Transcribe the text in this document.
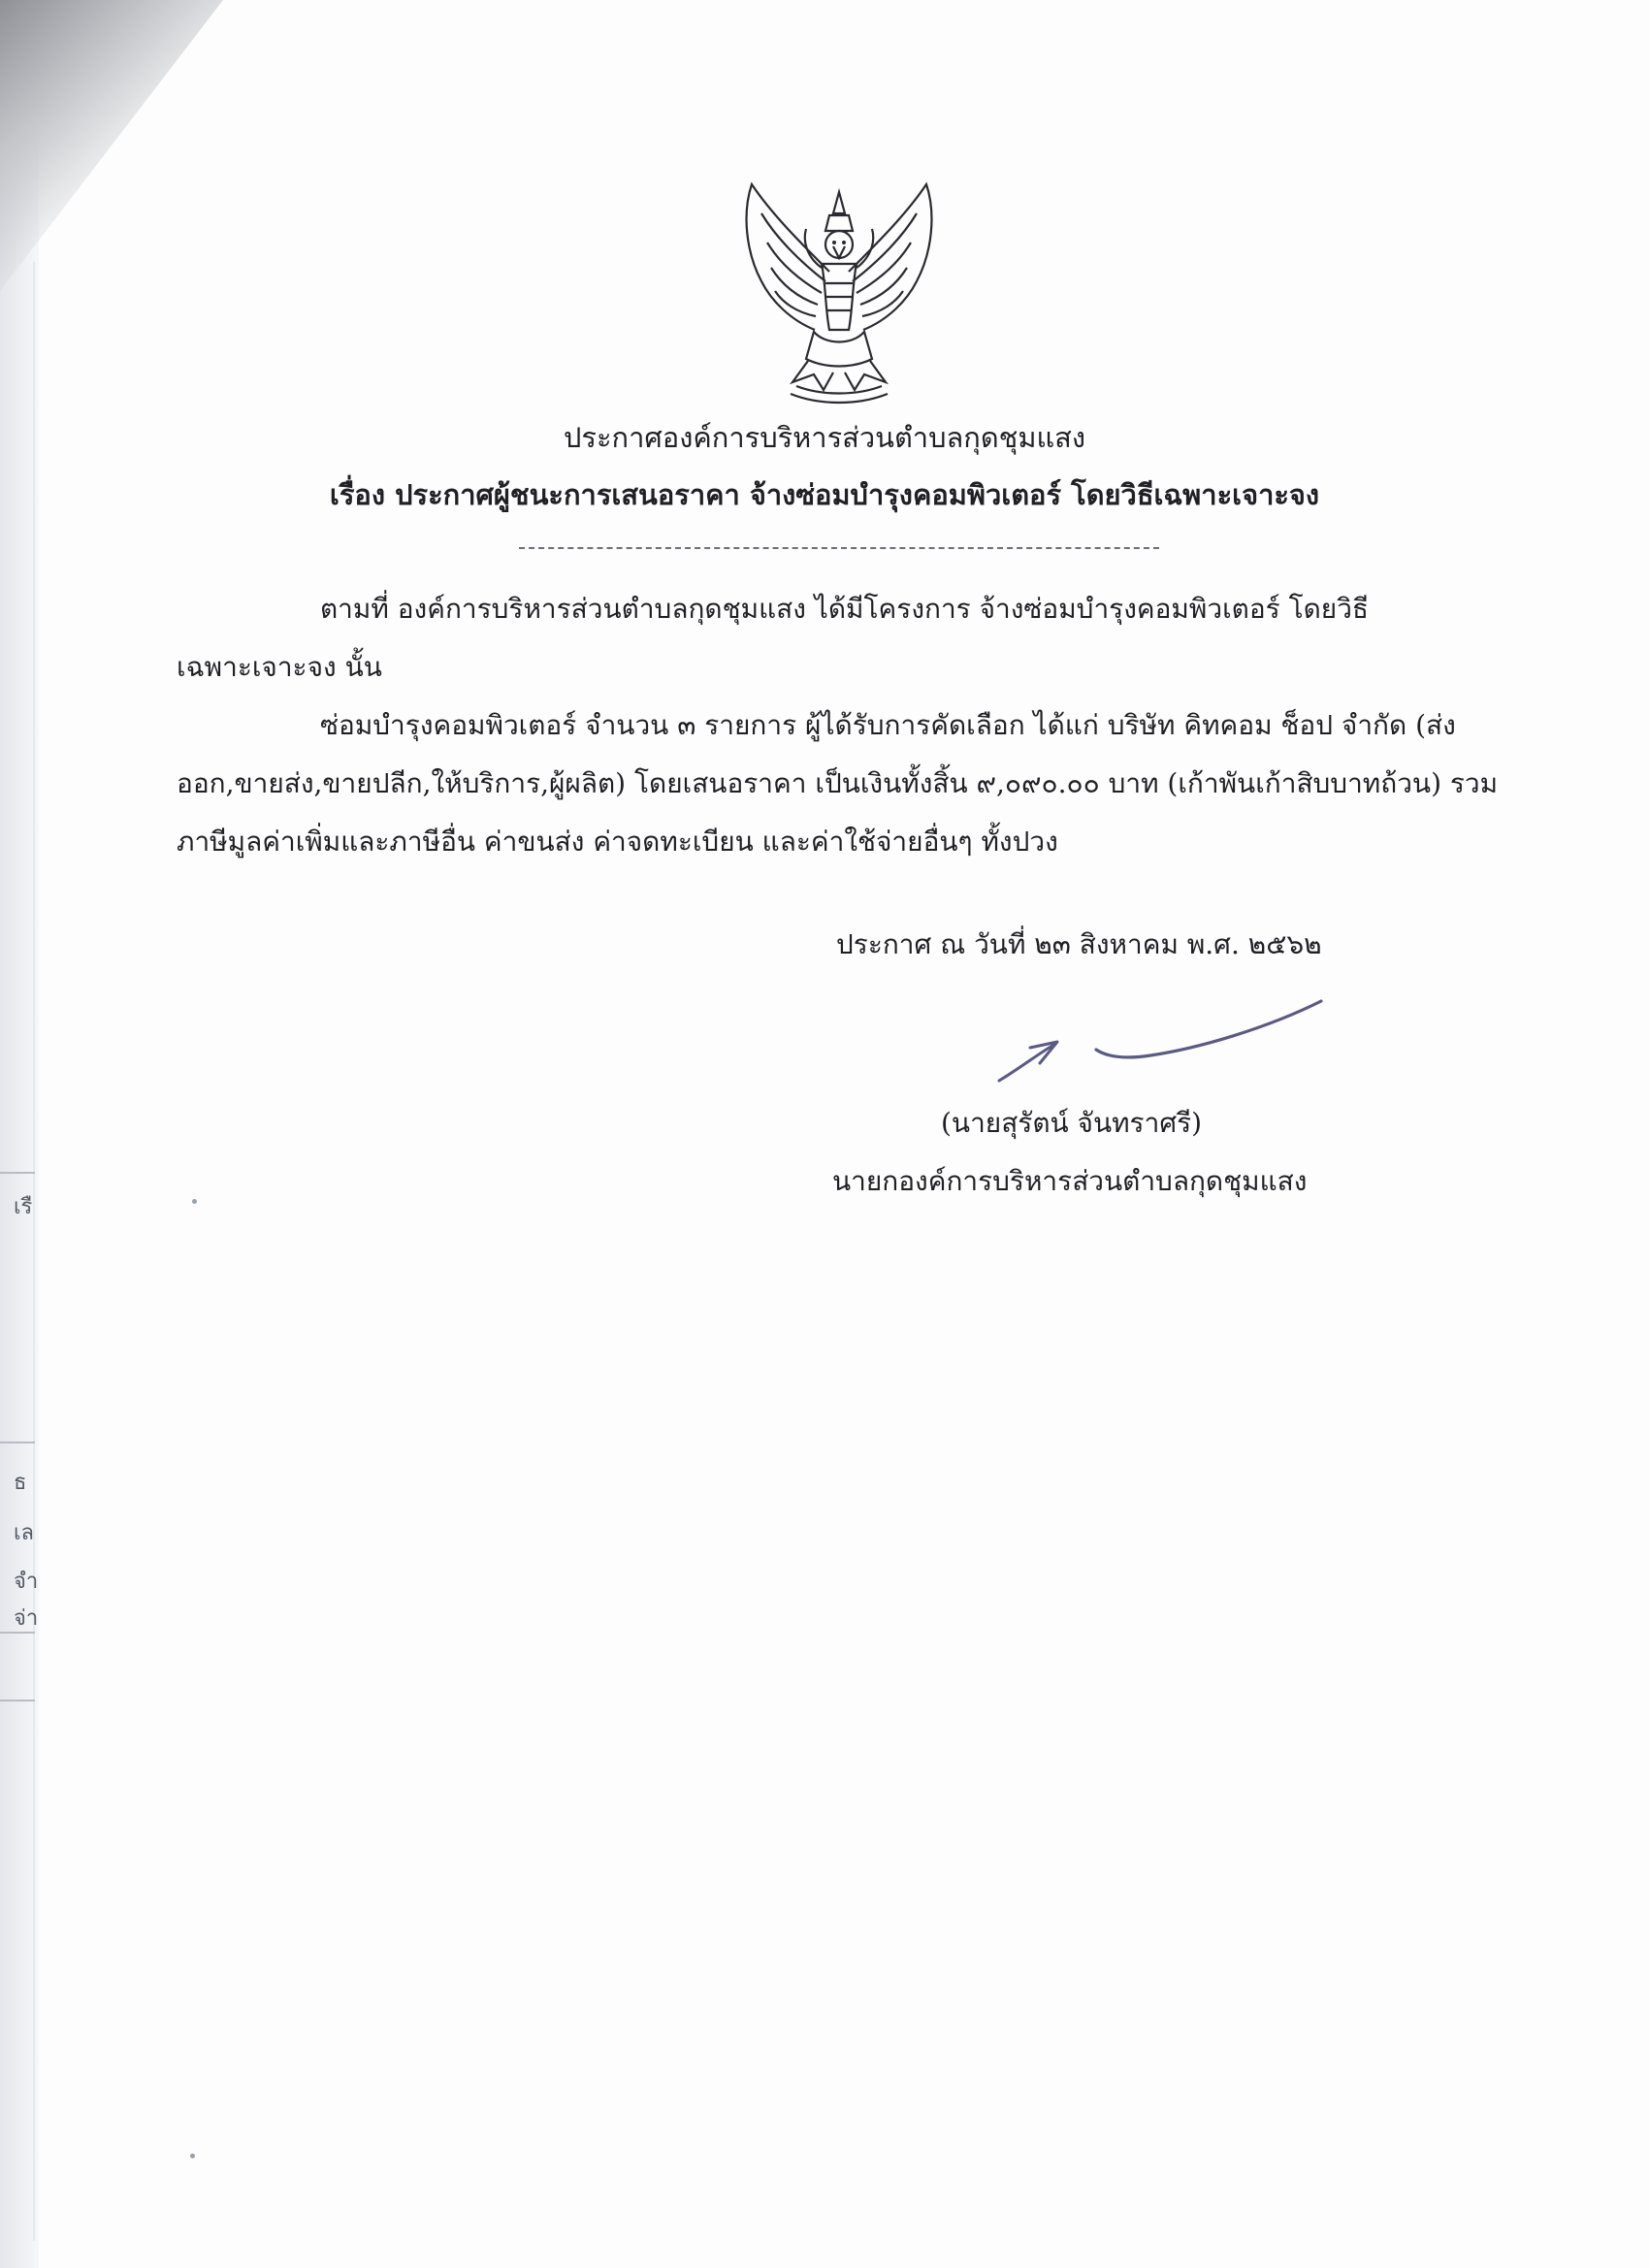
เรื
ธ
เล
จำ
จ่า
ประกาศองค์การบริหารส่วนตำบลกุดชุมแสง
เรื่อง ประกาศผู้ชนะการเสนอราคา จ้างซ่อมบำรุงคอมพิวเตอร์ โดยวิธีเฉพาะเจาะจง
ตามที่ องค์การบริหารส่วนตำบลกุดชุมแสง ได้มีโครงการ จ้างซ่อมบำรุงคอมพิวเตอร์ โดยวิธี
เฉพาะเจาะจง นั้น
ซ่อมบำรุงคอมพิวเตอร์ จำนวน ๓ รายการ ผู้ได้รับการคัดเลือก ได้แก่ บริษัท คิทคอม ช็อป จำกัด (ส่ง
ออก,ขายส่ง,ขายปลีก,ให้บริการ,ผู้ผลิต) โดยเสนอราคา เป็นเงินทั้งสิ้น ๙,๐๙๐.๐๐ บาท (เก้าพันเก้าสิบบาทถ้วน) รวม
ภาษีมูลค่าเพิ่มและภาษีอื่น ค่าขนส่ง ค่าจดทะเบียน และค่าใช้จ่ายอื่นๆ ทั้งปวง
ประกาศ ณ วันที่ ๒๓ สิงหาคม พ.ศ. ๒๕๖๒
(นายสุรัตน์ จันทราศรี)
นายกองค์การบริหารส่วนตำบลกุดชุมแสง
